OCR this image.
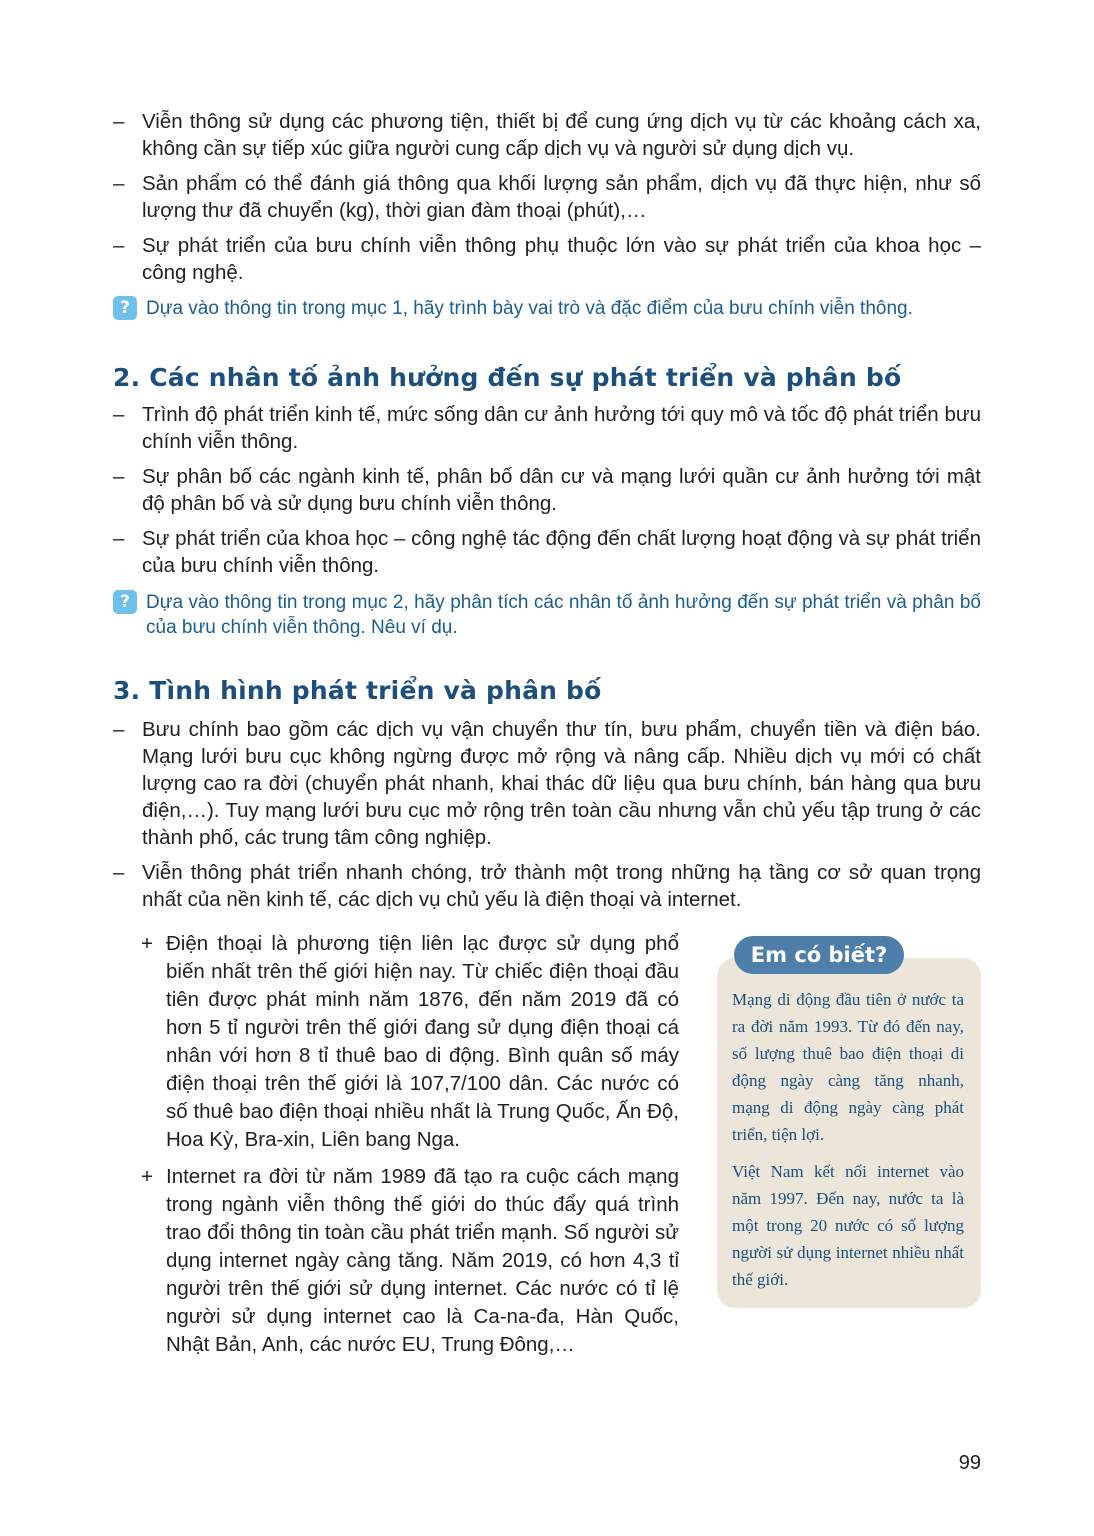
– Viễn thông sử dụng các phương tiện, thiết bị để cung ứng dịch vụ từ các khoảng cách xa, không cần sự tiếp xúc giữa người cung cấp dịch vụ và người sử dụng dịch vụ.
– Sản phẩm có thể đánh giá thông qua khối lượng sản phẩm, dịch vụ đã thực hiện, như số lượng thư đã chuyển (kg), thời gian đàm thoại (phút),…
– Sự phát triển của bưu chính viễn thông phụ thuộc lớn vào sự phát triển của khoa học – công nghệ.
? Dựa vào thông tin trong mục 1, hãy trình bày vai trò và đặc điểm của bưu chính viễn thông.
2. Các nhân tố ảnh hưởng đến sự phát triển và phân bố
– Trình độ phát triển kinh tế, mức sống dân cư ảnh hưởng tới quy mô và tốc độ phát triển bưu chính viễn thông.
– Sự phân bố các ngành kinh tế, phân bố dân cư và mạng lưới quần cư ảnh hưởng tới mật độ phân bố và sử dụng bưu chính viễn thông.
– Sự phát triển của khoa học – công nghệ tác động đến chất lượng hoạt động và sự phát triển của bưu chính viễn thông.
? Dựa vào thông tin trong mục 2, hãy phân tích các nhân tố ảnh hưởng đến sự phát triển và phân bố của bưu chính viễn thông. Nêu ví dụ.
3. Tình hình phát triển và phân bố
– Bưu chính bao gồm các dịch vụ vận chuyển thư tín, bưu phẩm, chuyển tiền và điện báo. Mạng lưới bưu cục không ngừng được mở rộng và nâng cấp. Nhiều dịch vụ mới có chất lượng cao ra đời (chuyển phát nhanh, khai thác dữ liệu qua bưu chính, bán hàng qua bưu điện,…). Tuy mạng lưới bưu cục mở rộng trên toàn cầu nhưng vẫn chủ yếu tập trung ở các thành phố, các trung tâm công nghiệp.
– Viễn thông phát triển nhanh chóng, trở thành một trong những hạ tầng cơ sở quan trọng nhất của nền kinh tế, các dịch vụ chủ yếu là điện thoại và internet.
+ Điện thoại là phương tiện liên lạc được sử dụng phổ biến nhất trên thế giới hiện nay. Từ chiếc điện thoại đầu tiên được phát minh năm 1876, đến năm 2019 đã có hơn 5 tỉ người trên thế giới đang sử dụng điện thoại cá nhân với hơn 8 tỉ thuê bao di động. Bình quân số máy điện thoại trên thế giới là 107,7/100 dân. Các nước có số thuê bao điện thoại nhiều nhất là Trung Quốc, Ấn Độ, Hoa Kỳ, Bra-xin, Liên bang Nga.
+ Internet ra đời từ năm 1989 đã tạo ra cuộc cách mạng trong ngành viễn thông thế giới do thúc đẩy quá trình trao đổi thông tin toàn cầu phát triển mạnh. Số người sử dụng internet ngày càng tăng. Năm 2019, có hơn 4,3 tỉ người trên thế giới sử dụng internet. Các nước có tỉ lệ người sử dụng internet cao là Ca-na-đa, Hàn Quốc, Nhật Bản, Anh, các nước EU, Trung Đông,…
Em có biết?

Mạng di động đầu tiên ở nước ta ra đời năm 1993. Từ đó đến nay, số lượng thuê bao điện thoại di động ngày càng tăng nhanh, mạng di động ngày càng phát triển, tiện lợi.

Việt Nam kết nối internet vào năm 1997. Đến nay, nước ta là một trong 20 nước có số lượng người sử dụng internet nhiều nhất thế giới.

99
